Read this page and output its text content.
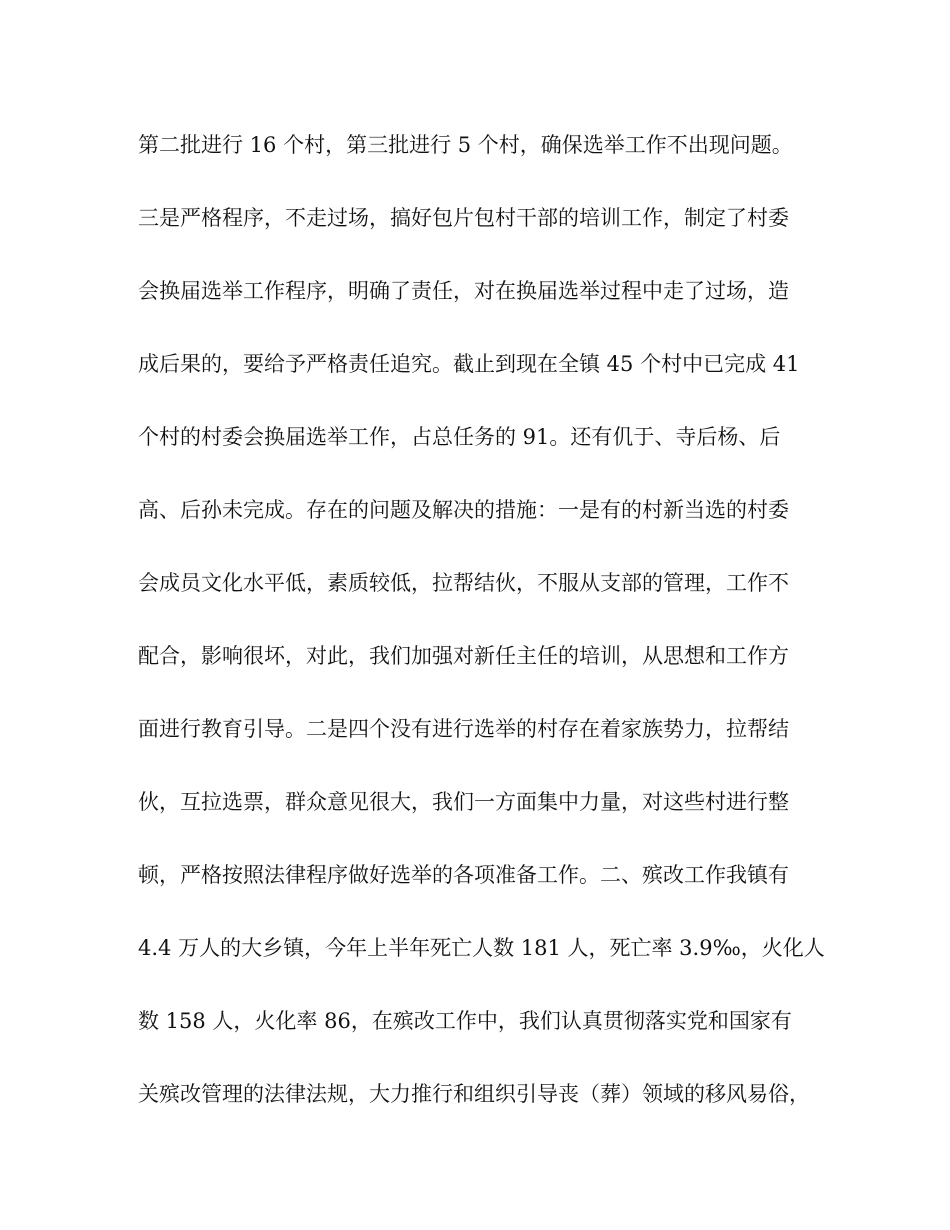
第二批进行 16 个村，第三批进行 5 个村，确保选举工作不出现问题。
三是严格程序，不走过场，搞好包片包村干部的培训工作，制定了村委
会换届选举工作程序，明确了责任，对在换届选举过程中走了过场，造
成后果的，要给予严格责任追究。截止到现在全镇 45 个村中已完成 41
个村的村委会换届选举工作，占总任务的 91。还有仉于、寺后杨、后
高、后孙未完成。存在的问题及解决的措施：一是有的村新当选的村委
会成员文化水平低，素质较低，拉帮结伙，不服从支部的管理，工作不
配合，影响很坏，对此，我们加强对新任主任的培训，从思想和工作方
面进行教育引导。二是四个没有进行选举的村存在着家族势力，拉帮结
伙，互拉选票，群众意见很大，我们一方面集中力量，对这些村进行整
顿，严格按照法律程序做好选举的各项准备工作。二、殡改工作我镇有
4.4 万人的大乡镇，今年上半年死亡人数 181 人，死亡率 3.9‰，火化人
数 158 人，火化率 86，在殡改工作中，我们认真贯彻落实党和国家有
关殡改管理的法律法规，大力推行和组织引导丧（葬）领域的移风易俗，
